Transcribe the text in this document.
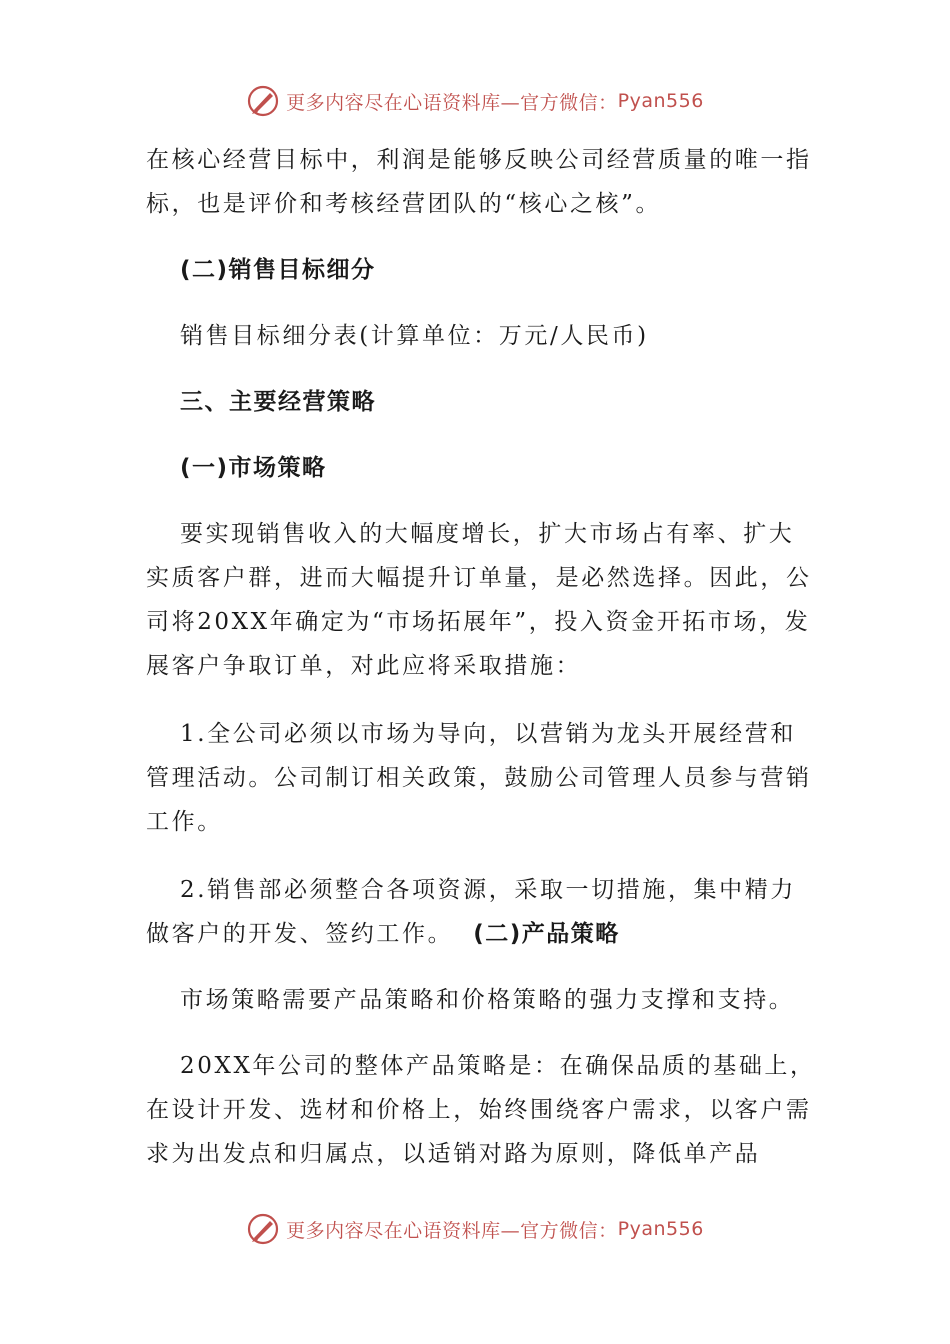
更多内容尽在心语资料库—官方微信： Pyan556

在核心经营目标中，利润是能够反映公司经营质量的唯一指标，也是评价和考核经营团队的“核心之核”。

(二)销售目标细分

销售目标细分表(计算单位：万元/人民币)

三、主要经营策略

(一)市场策略

要实现销售收入的大幅度增长，扩大市场占有率、扩大实质客户群，进而大幅提升订单量，是必然选择。因此，公司将20XX年确定为“市场拓展年”，投入资金开拓市场，发展客户争取订单，对此应将采取措施：

1.全公司必须以市场为导向，以营销为龙头开展经营和管理活动。公司制订相关政策，鼓励公司管理人员参与营销工作。

2.销售部必须整合各项资源，采取一切措施，集中精力做客户的开发、签约工作。 (二)产品策略

市场策略需要产品策略和价格策略的强力支撑和支持。

20XX年公司的整体产品策略是：在确保品质的基础上，在设计开发、选材和价格上，始终围绕客户需求，以客户需求为出发点和归属点，以适销对路为原则，降低单产品

更多内容尽在心语资料库—官方微信： Pyan556
